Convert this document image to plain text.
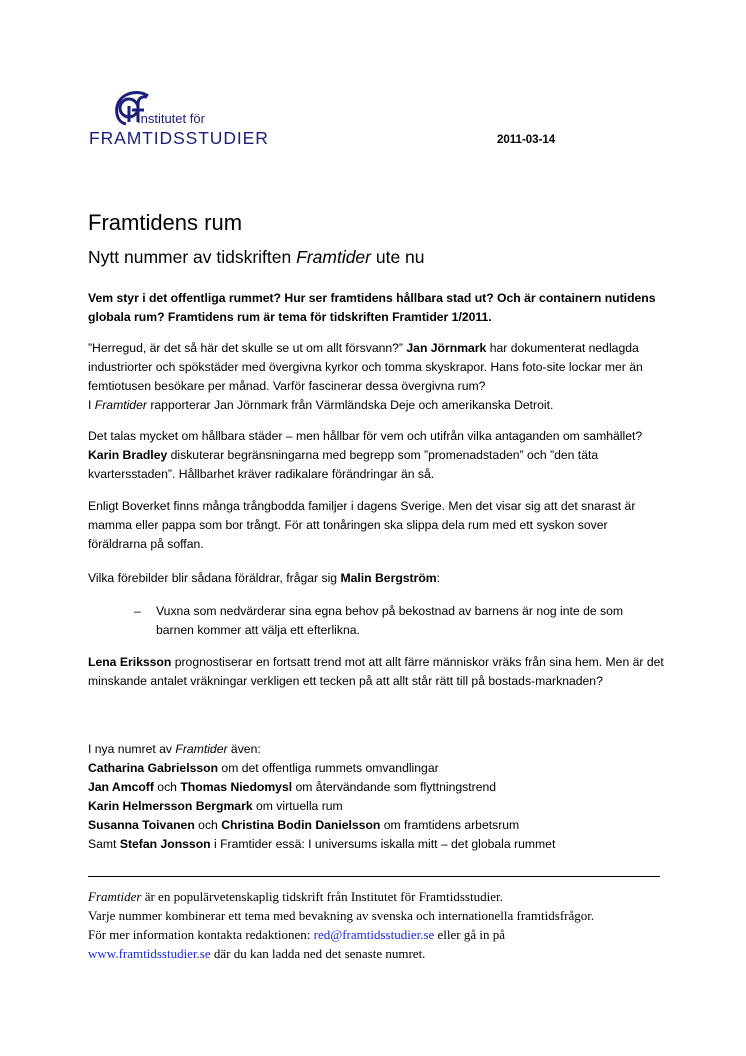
Institutet för
FRAMTIDSSTUDIER	2011-03-14
Framtidens rum
Nytt nummer av tidskriften Framtider ute nu

Vem styr i det offentliga rummet? Hur ser framtidens hållbara stad ut? Och är containern nutidens globala rum? Framtidens rum är tema för tidskriften Framtider 1/2011.

”Herregud, är det så här det skulle se ut om allt försvann?” Jan Jörnmark har dokumenterat nedlagda industriorter och spökstäder med övergivna kyrkor och tomma skyskrapor. Hans foto-site lockar mer än femtiotusen besökare per månad. Varför fascinerar dessa övergivna rum?
I Framtider rapporterar Jan Jörnmark från Värmländska Deje och amerikanska Detroit.

Det talas mycket om hållbara städer – men hållbar för vem och utifrån vilka antaganden om samhället? Karin Bradley diskuterar begränsningarna med begrepp som ”promenadstaden” och ”den täta kvartersstaden”. Hållbarhet kräver radikalare förändringar än så.

Enligt Boverket finns många trångbodda familjer i dagens Sverige. Men det visar sig att det snarast är mamma eller pappa som bor trångt. För att tonåringen ska slippa dela rum med ett syskon sover föräldrarna på soffan.

Vilka förebilder blir sådana föräldrar, frågar sig Malin Bergström:

– Vuxna som nedvärderar sina egna behov på bekostnad av barnens är nog inte de som barnen kommer att välja ett efterlikna.

Lena Eriksson prognostiserar en fortsatt trend mot att allt färre människor vräks från sina hem. Men är det minskande antalet vräkningar verkligen ett tecken på att allt står rätt till på bostads-marknaden?

I nya numret av Framtider även:
Catharina Gabrielsson om det offentliga rummets omvandlingar
Jan Amcoff och Thomas Niedomysl om återvändande som flyttningstrend
Karin Helmersson Bergmark om virtuella rum
Susanna Toivanen och Christina Bodin Danielsson om framtidens arbetsrum
Samt Stefan Jonsson i Framtider essä: I universums iskalla mitt – det globala rummet
Framtider är en populärvetenskaplig tidskrift från Institutet för Framtidsstudier.
Varje nummer kombinerar ett tema med bevakning av svenska och internationella framtidsfrågor.
För mer information kontakta redaktionen: red@framtidsstudier.se eller gå in på
www.framtidsstudier.se där du kan ladda ned det senaste numret.
